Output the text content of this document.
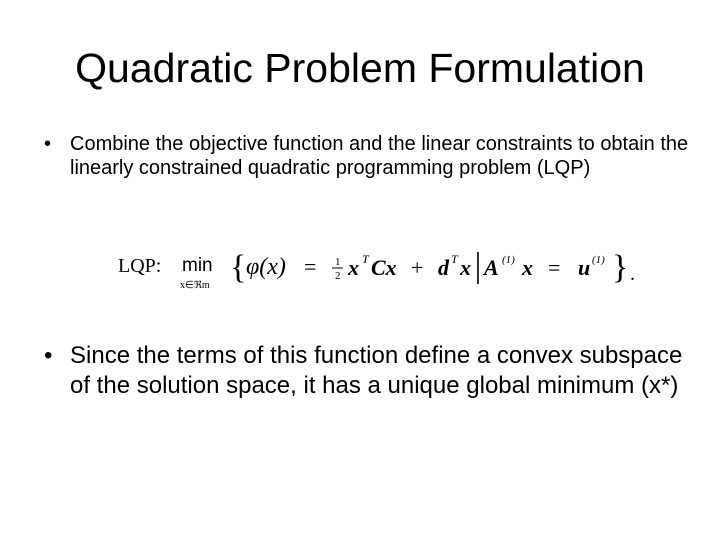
Quadratic Problem Formulation
• Combine the objective function and the linear constraints to obtain the linearly constrained quadratic programming problem (LQP)
LQP: min
x∈ℜm { φ(x) = 1
2 x T Cx + d T x A (1) x = u (1) } .
• Since the terms of this function define a convex subspace of the solution space, it has a unique global minimum (x*)
